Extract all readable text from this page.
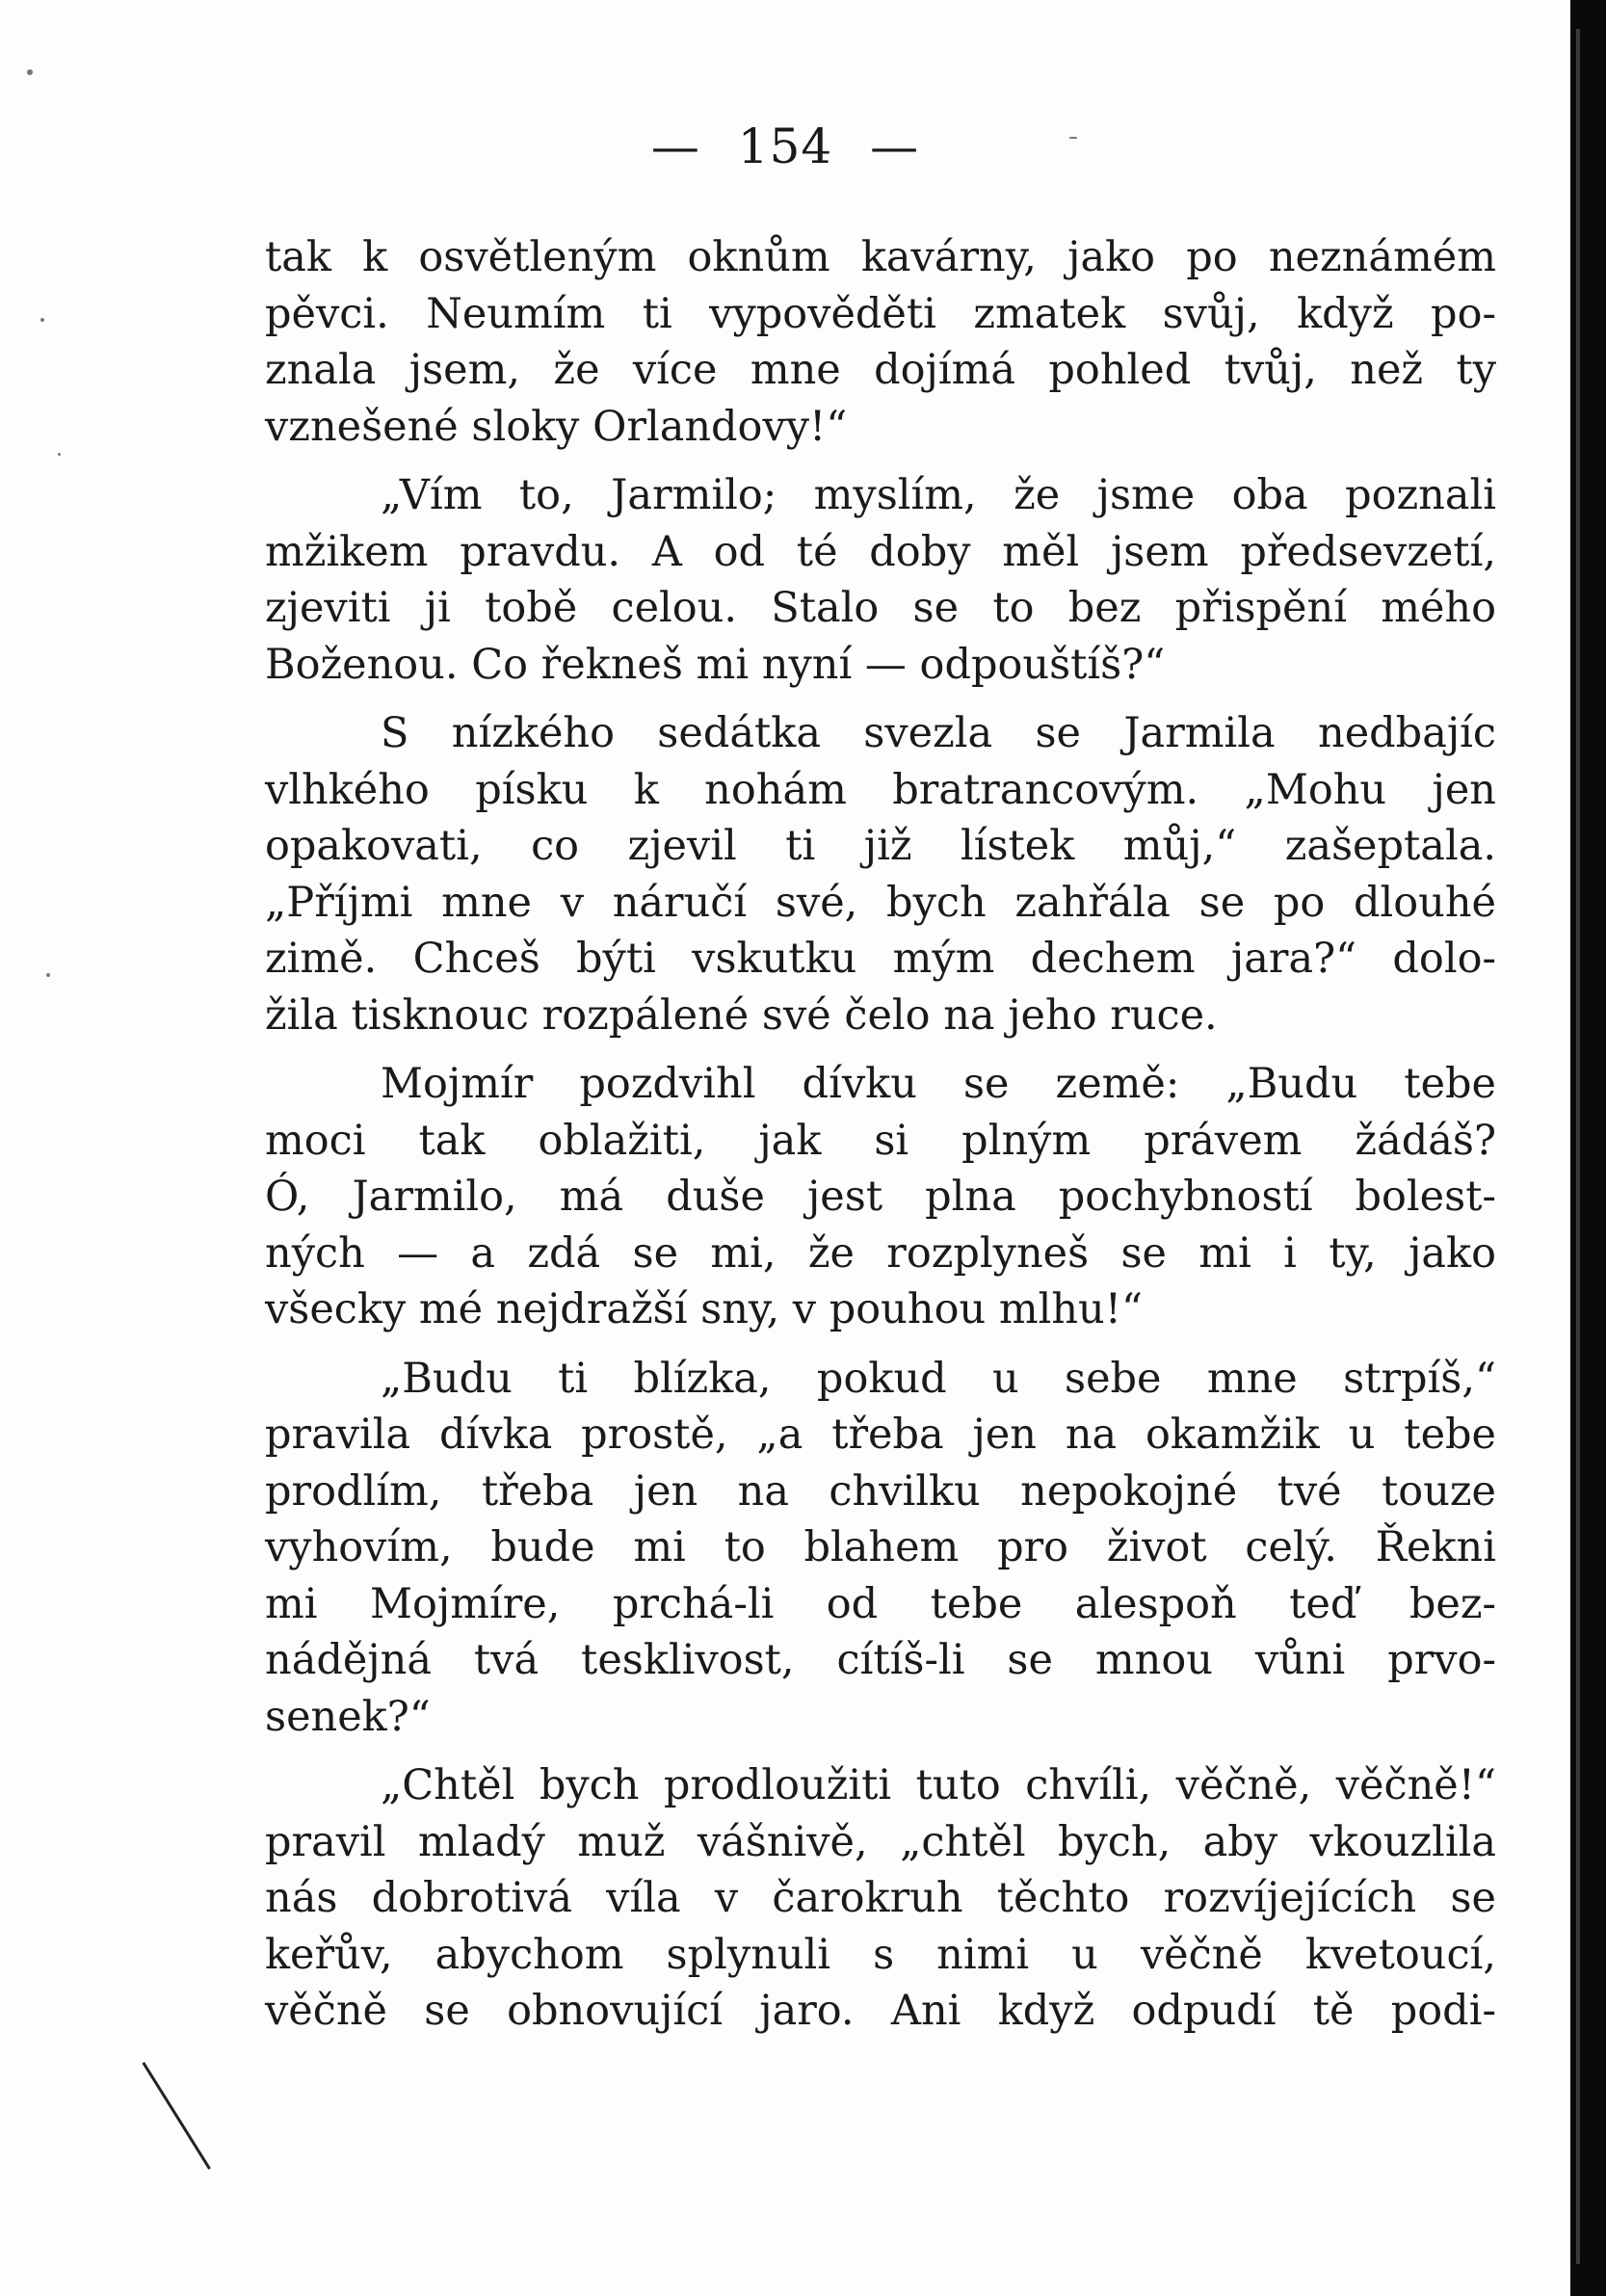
— 154 —
tak k osvětleným oknům kavárny, jako po neznámém
pěvci. Neumím ti vypověděti zmatek svůj, když po-
znala jsem, že více mne dojímá pohled tvůj, než ty
vznešené sloky Orlandovy!“
„Vím to, Jarmilo; myslím, že jsme oba poznali
mžikem pravdu. A od té doby měl jsem předsevzetí,
zjeviti ji tobě celou. Stalo se to bez přispění mého
Boženou. Co řekneš mi nyní — odpouštíš?“
S nízkého sedátka svezla se Jarmila nedbajíc
vlhkého písku k nohám bratrancovým. „Mohu jen
opakovati, co zjevil ti již lístek můj,“ zašeptala.
„Příjmi mne v náručí své, bych zahřála se po dlouhé
zimě. Chceš býti vskutku mým dechem jara?“ dolo-
žila tisknouc rozpálené své čelo na jeho ruce.
Mojmír pozdvihl dívku se země: „Budu tebe
moci tak oblažiti, jak si plným právem žádáš?
Ó, Jarmilo, má duše jest plna pochybností bolest-
ných — a zdá se mi, že rozplyneš se mi i ty, jako
všecky mé nejdražší sny, v pouhou mlhu!“
„Budu ti blízka, pokud u sebe mne strpíš,“
pravila dívka prostě, „a třeba jen na okamžik u tebe
prodlím, třeba jen na chvilku nepokojné tvé touze
vyhovím, bude mi to blahem pro život celý. Řekni
mi Mojmíre, prchá-li od tebe alespoň teď bez-
nádějná tvá tesklivost, cítíš-li se mnou vůni prvo-
senek?“
„Chtěl bych prodloužiti tuto chvíli, věčně, věčně!“
pravil mladý muž vášnivě, „chtěl bych, aby vkouzlila
nás dobrotivá víla v čarokruh těchto rozvíjejících se
keřův, abychom splynuli s nimi u věčně kvetoucí,
věčně se obnovující jaro. Ani když odpudí tě podi-
